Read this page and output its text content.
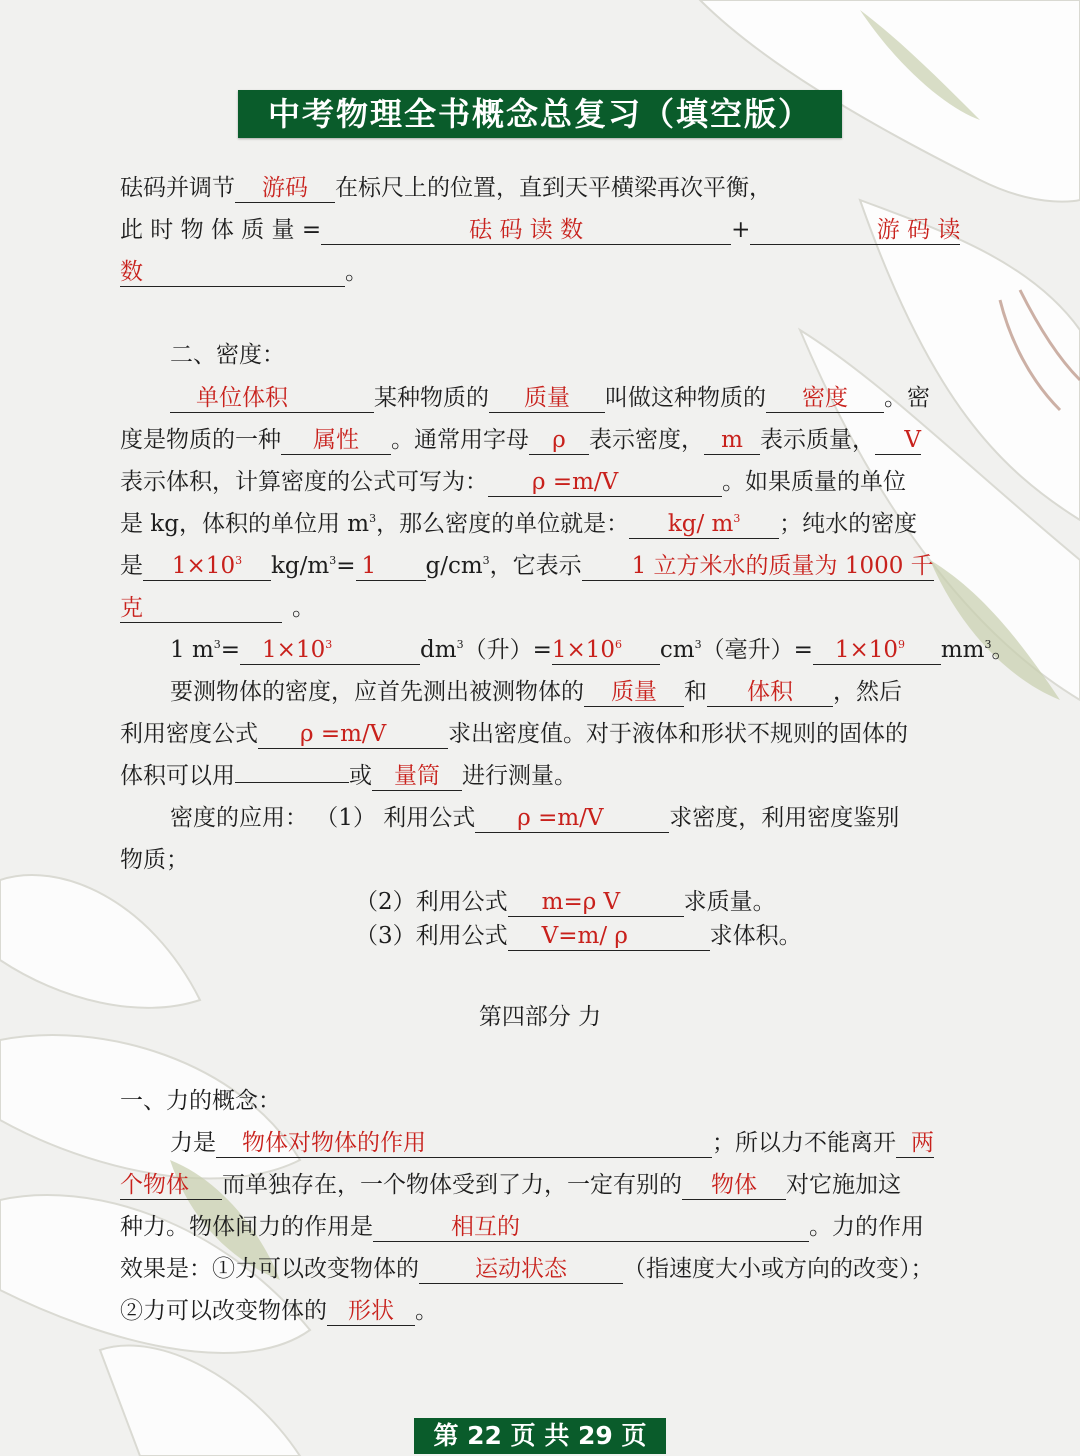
中考物理全书概念总复习（填空版）
砝码并调节 游码 在标尺上的位置，直到天平横梁再次平衡，
此 时 物 体 质 量 =	砝 码 读 数	+	游 码 读
数	。
二、密度：
单位体积	某种物质的 质量 叫做这种物质的 密度 。密
度是物质的一种 属性 。通常用字母 ρ 表示密度， m 表示质量， V
表示体积，计算密度的公式可写为： ρ =m/V	。如果质量的单位
是 kg，体积的单位用 $m^3$，那么密度的单位就是： kg/ $m^3$ ；纯水的密度
是 $1\times 10^3$ $kg/m^3= 1$ $g/cm^3$，它表示 1 立方米水的质量为 1000 千
克	。
1 $m^3= 1\times 10^3$	$dm^3$（升）$=1\times 10^6$ $cm^3$（毫升）= $1\times 10^9$ $mm^3$。
要测物体的密度，应首先测出被测物体的 质量 和 体积 ，然后
利用密度公式 ρ =m/V	求出密度值。对于液体和形状不规则的固体的
体积可以用	或 量筒 进行测量。
密度的应用： （1） 利用公式 ρ =m/V	求密度，利用密度鉴别
物质；
（2）利用公式 m=ρ V	求质量。
（3）利用公式 V=m/ ρ	求体积。
第四部分 力
一、力的概念：
力是 物体对物体的作用	；所以力不能离开 两
个物体 而单独存在，一个物体受到了力，一定有别的 物体 对它施加这
种力。物体间力的作用是	相互的	。力的作用
效果是：①力可以改变物体的 运动状态 （指速度大小或方向的改变）；
②力可以改变物体的 形状 。
第 22 页 共 29 页
